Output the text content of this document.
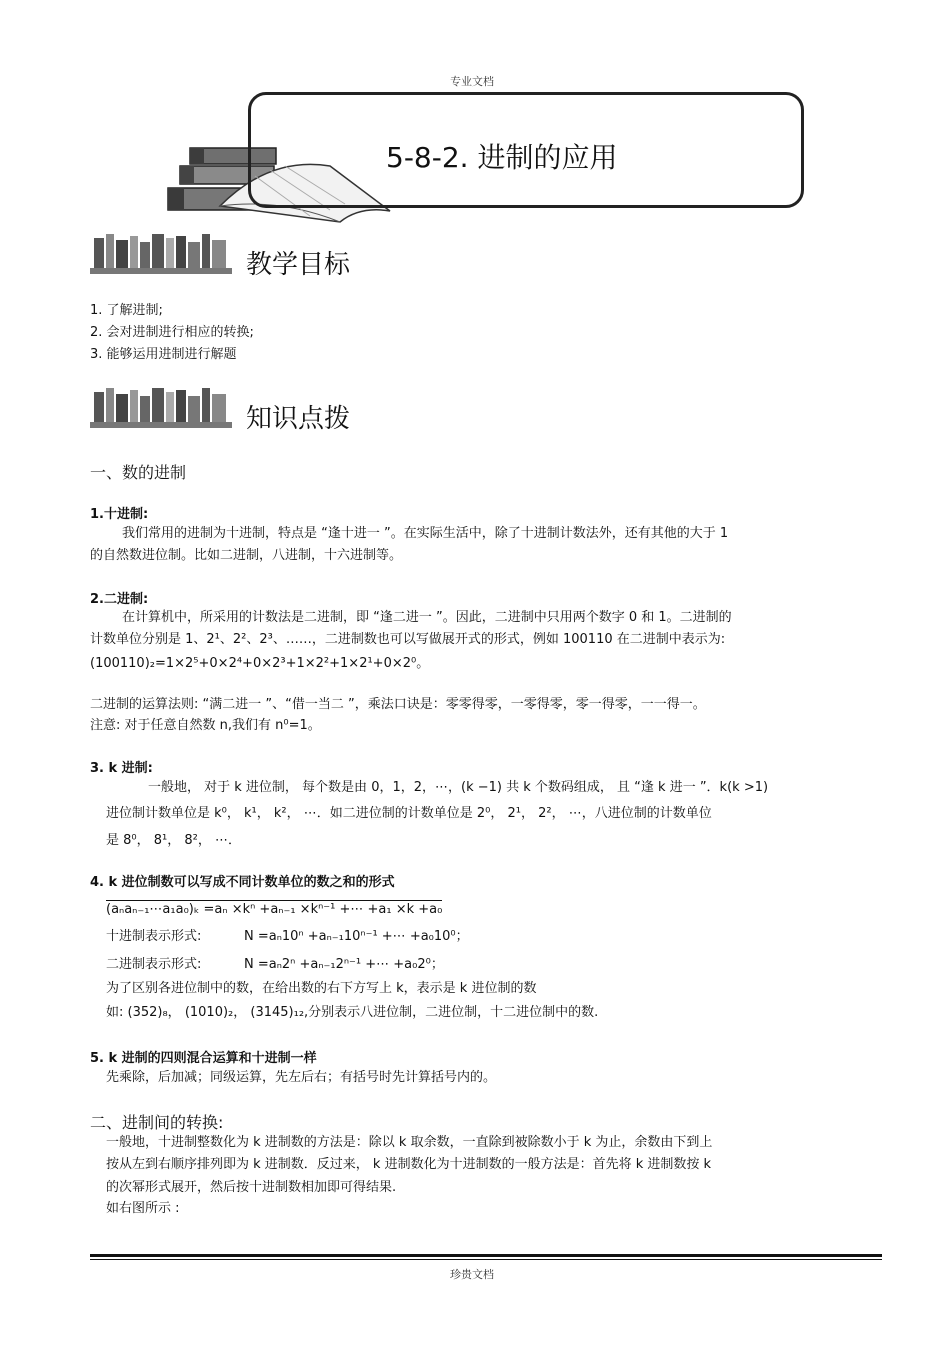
专业文档
5-8-2. 进制的应用
教学目标
1. 了解进制;
2. 会对进制进行相应的转换;
3. 能够运用进制进行解题
知识点拨
一、数的进制
1.十进制:
我们常用的进制为十进制，特点是 “逢十进一 ”。在实际生活中，除了十进制计数法外，还有其他的大于 1
的自然数进位制。比如二进制，八进制，十六进制等。
2.二进制:
在计算机中，所采用的计数法是二进制，即 “逢二进一 ”。因此，二进制中只用两个数字 0 和 1。二进制的
计数单位分别是 1、2¹、2²、2³、……，二进制数也可以写做展开式的形式，例如 100110 在二进制中表示为:
(100110)₂=1×2⁵+0×2⁴+0×2³+1×2²+1×2¹+0×2⁰。
二进制的运算法则: “满二进一 ”、“借一当二 ”，乘法口诀是：零零得零，一零得零，零一得零，一一得一。
注意: 对于任意自然数 n,我们有 n⁰=1。
3. k 进制:
一般地， 对于 k 进位制， 每个数是由 0，1，2，⋯，(k −1) 共 k 个数码组成， 且 “逢 k 进一 ”．k(k >1)
进位制计数单位是 k⁰， k¹， k²， ⋯．如二进位制的计数单位是 2⁰， 2¹， 2²， ⋯，八进位制的计数单位
是 8⁰， 8¹， 8²， ⋯．
4. k 进位制数可以写成不同计数单位的数之和的形式
(aₙaₙ₋₁⋯a₁a₀)ₖ =aₙ ×kⁿ +aₙ₋₁ ×kⁿ⁻¹ +⋯ +a₁ ×k +a₀
十进制表示形式:	N =aₙ10ⁿ +aₙ₋₁10ⁿ⁻¹ +⋯ +a₀10⁰；
二进制表示形式:	N =aₙ2ⁿ +aₙ₋₁2ⁿ⁻¹ +⋯ +a₀2⁰；
为了区别各进位制中的数，在给出数的右下方写上 k，表示是 k 进位制的数
如: (352)₈， (1010)₂， (3145)₁₂,分别表示八进位制，二进位制，十二进位制中的数.
5. k 进制的四则混合运算和十进制一样
先乘除，后加减；同级运算，先左后右；有括号时先计算括号内的。
二、进制间的转换:
一般地，十进制整数化为 k 进制数的方法是：除以 k 取余数，一直除到被除数小于 k 为止，余数由下到上
按从左到右顺序排列即为 k 进制数．反过来， k 进制数化为十进制数的一般方法是：首先将 k 进制数按 k
的次幂形式展开，然后按十进制数相加即可得结果.
如右图所示 :
珍贵文档
